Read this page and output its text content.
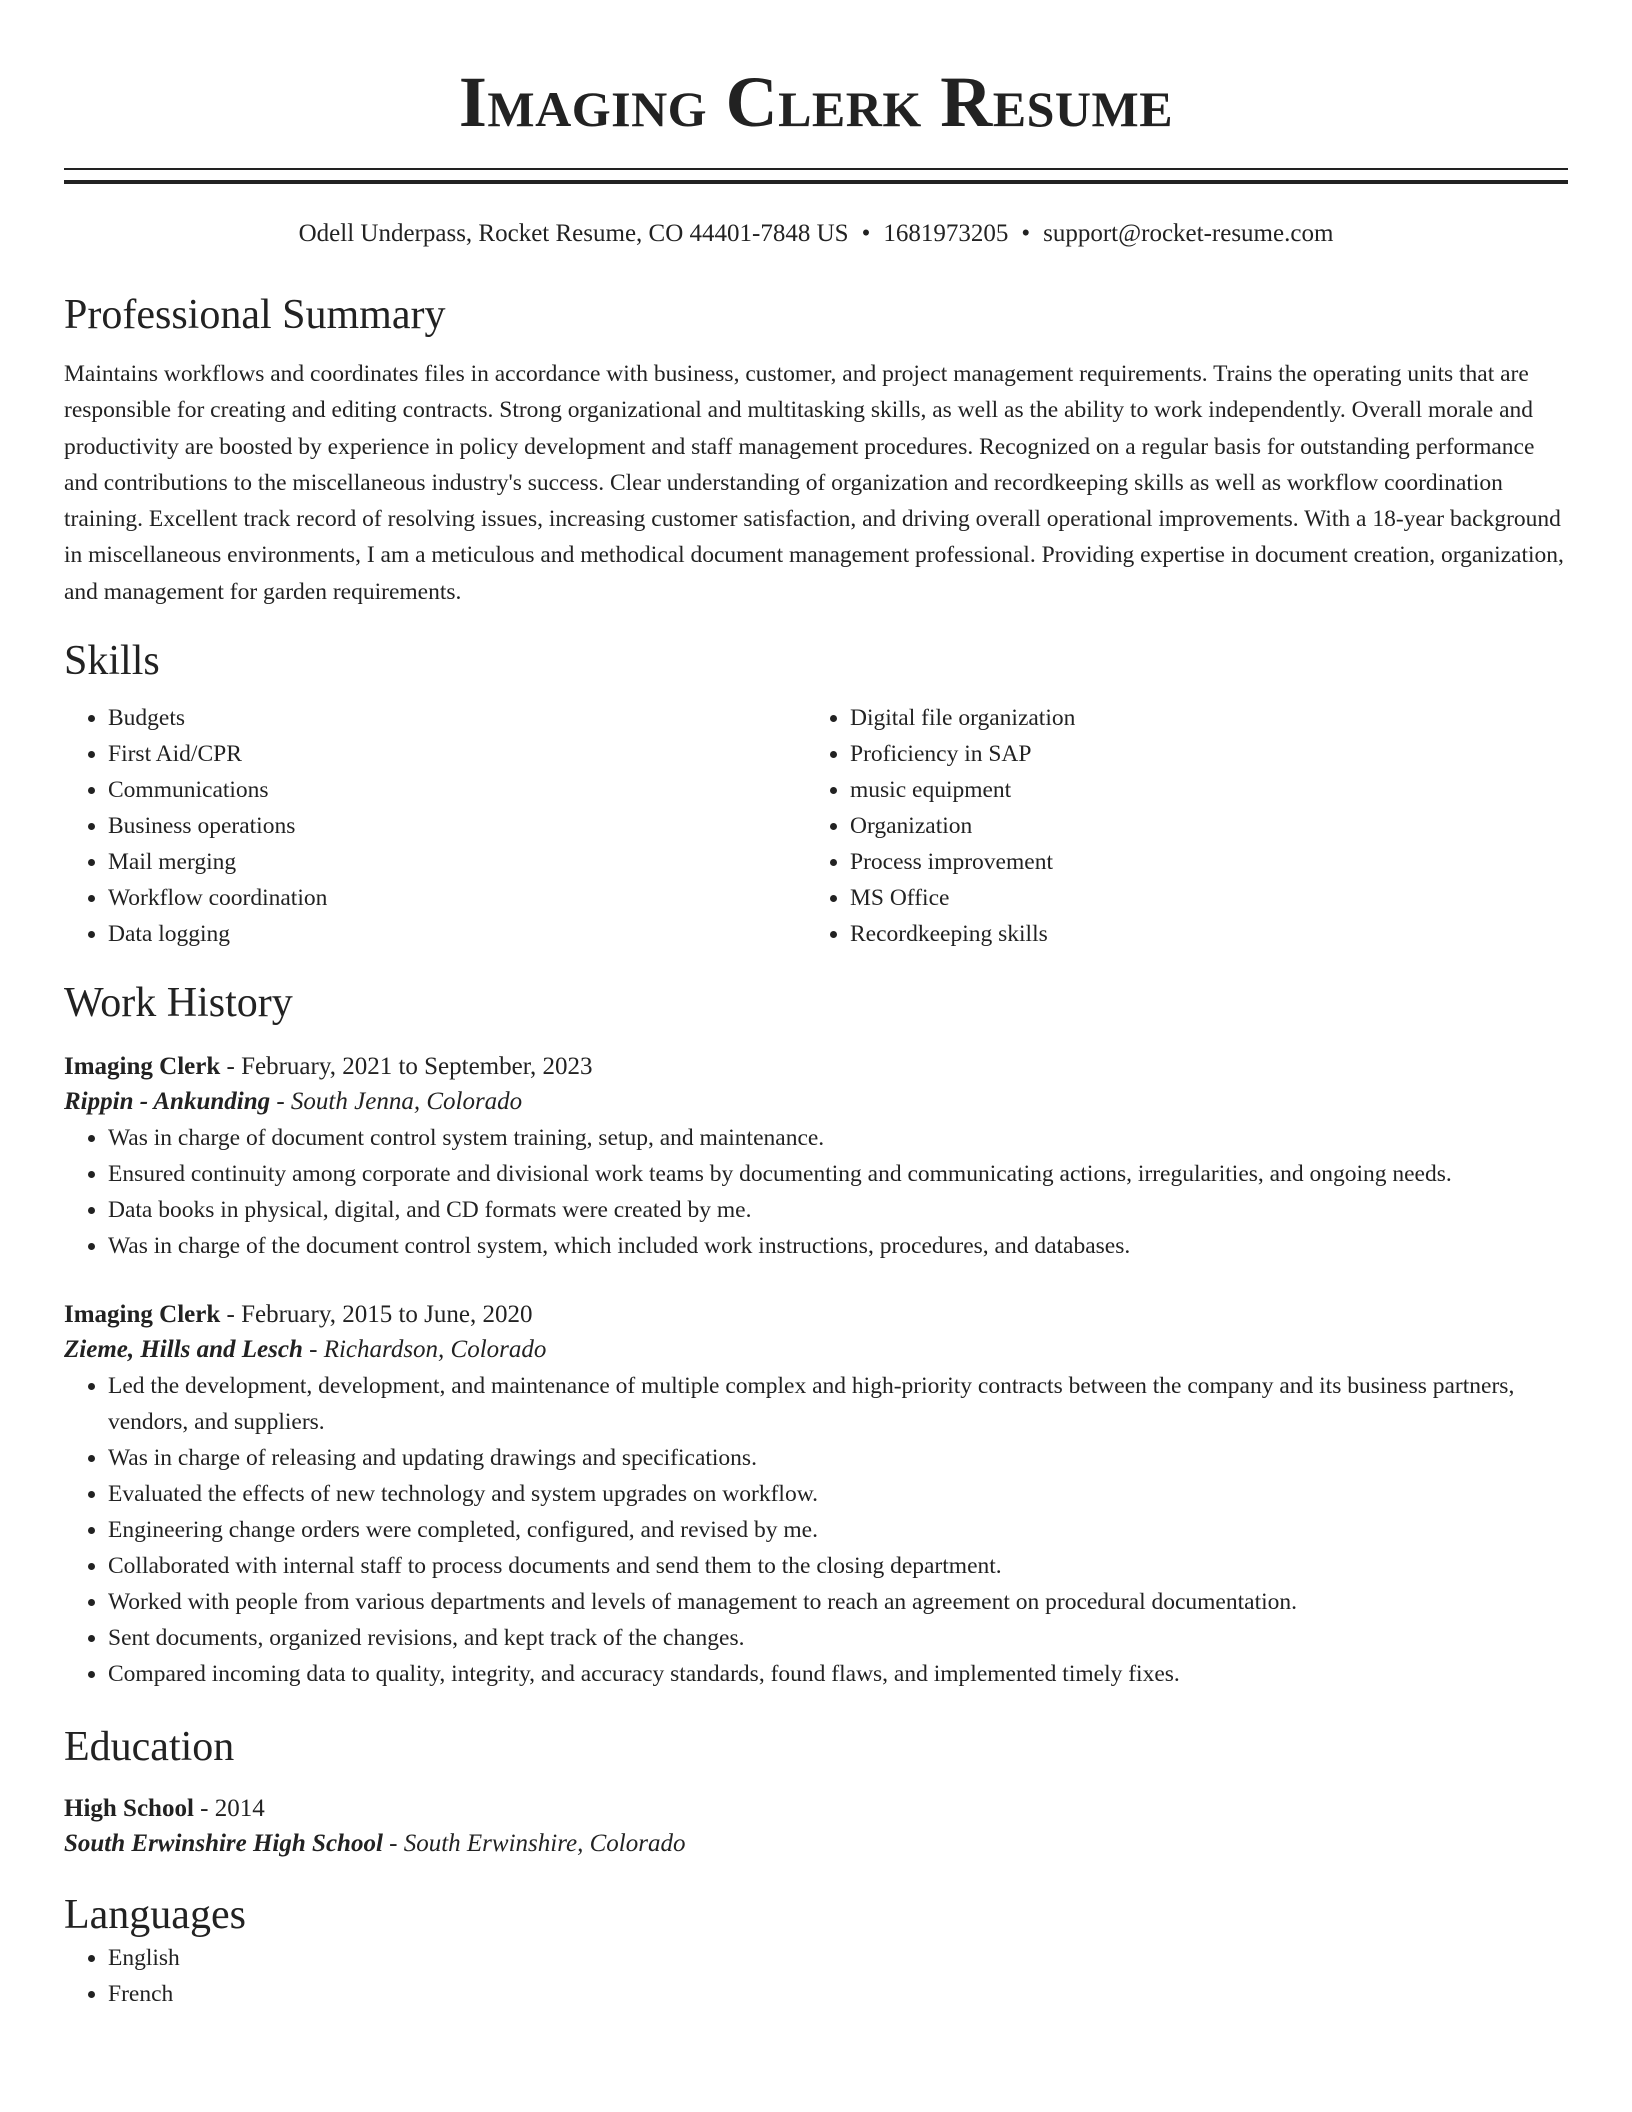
Imaging Clerk Resume
Odell Underpass, Rocket Resume, CO 44401-7848 US • 1681973205 • support@rocket-resume.com
Professional Summary

Maintains workflows and coordinates files in accordance with business, customer, and project management requirements. Trains the operating units that are responsible for creating and editing contracts. Strong organizational and multitasking skills, as well as the ability to work independently. Overall morale and productivity are boosted by experience in policy development and staff management procedures. Recognized on a regular basis for outstanding performance and contributions to the miscellaneous industry's success. Clear understanding of organization and recordkeeping skills as well as workflow coordination training. Excellent track record of resolving issues, increasing customer satisfaction, and driving overall operational improvements. With a 18-year background in miscellaneous environments, I am a meticulous and methodical document management professional. Providing expertise in document creation, organization, and management for garden requirements.

Skills
• Budgets
• First Aid/CPR
• Communications
• Business operations
• Mail merging
• Workflow coordination
• Data logging
• Digital file organization
• Proficiency in SAP
• music equipment
• Organization
• Process improvement
• MS Office
• Recordkeeping skills
Work History
Imaging Clerk - February, 2021 to September, 2023
Rippin - Ankunding - South Jenna, Colorado
• Was in charge of document control system training, setup, and maintenance.
• Ensured continuity among corporate and divisional work teams by documenting and communicating actions, irregularities, and ongoing needs.
• Data books in physical, digital, and CD formats were created by me.
• Was in charge of the document control system, which included work instructions, procedures, and databases.
Imaging Clerk - February, 2015 to June, 2020
Zieme, Hills and Lesch - Richardson, Colorado
• Led the development, development, and maintenance of multiple complex and high-priority contracts between the company and its business partners, vendors, and suppliers.
• Was in charge of releasing and updating drawings and specifications.
• Evaluated the effects of new technology and system upgrades on workflow.
• Engineering change orders were completed, configured, and revised by me.
• Collaborated with internal staff to process documents and send them to the closing department.
• Worked with people from various departments and levels of management to reach an agreement on procedural documentation.
• Sent documents, organized revisions, and kept track of the changes.
• Compared incoming data to quality, integrity, and accuracy standards, found flaws, and implemented timely fixes.
Education
High School - 2014
South Erwinshire High School - South Erwinshire, Colorado
Languages
• English
• French
